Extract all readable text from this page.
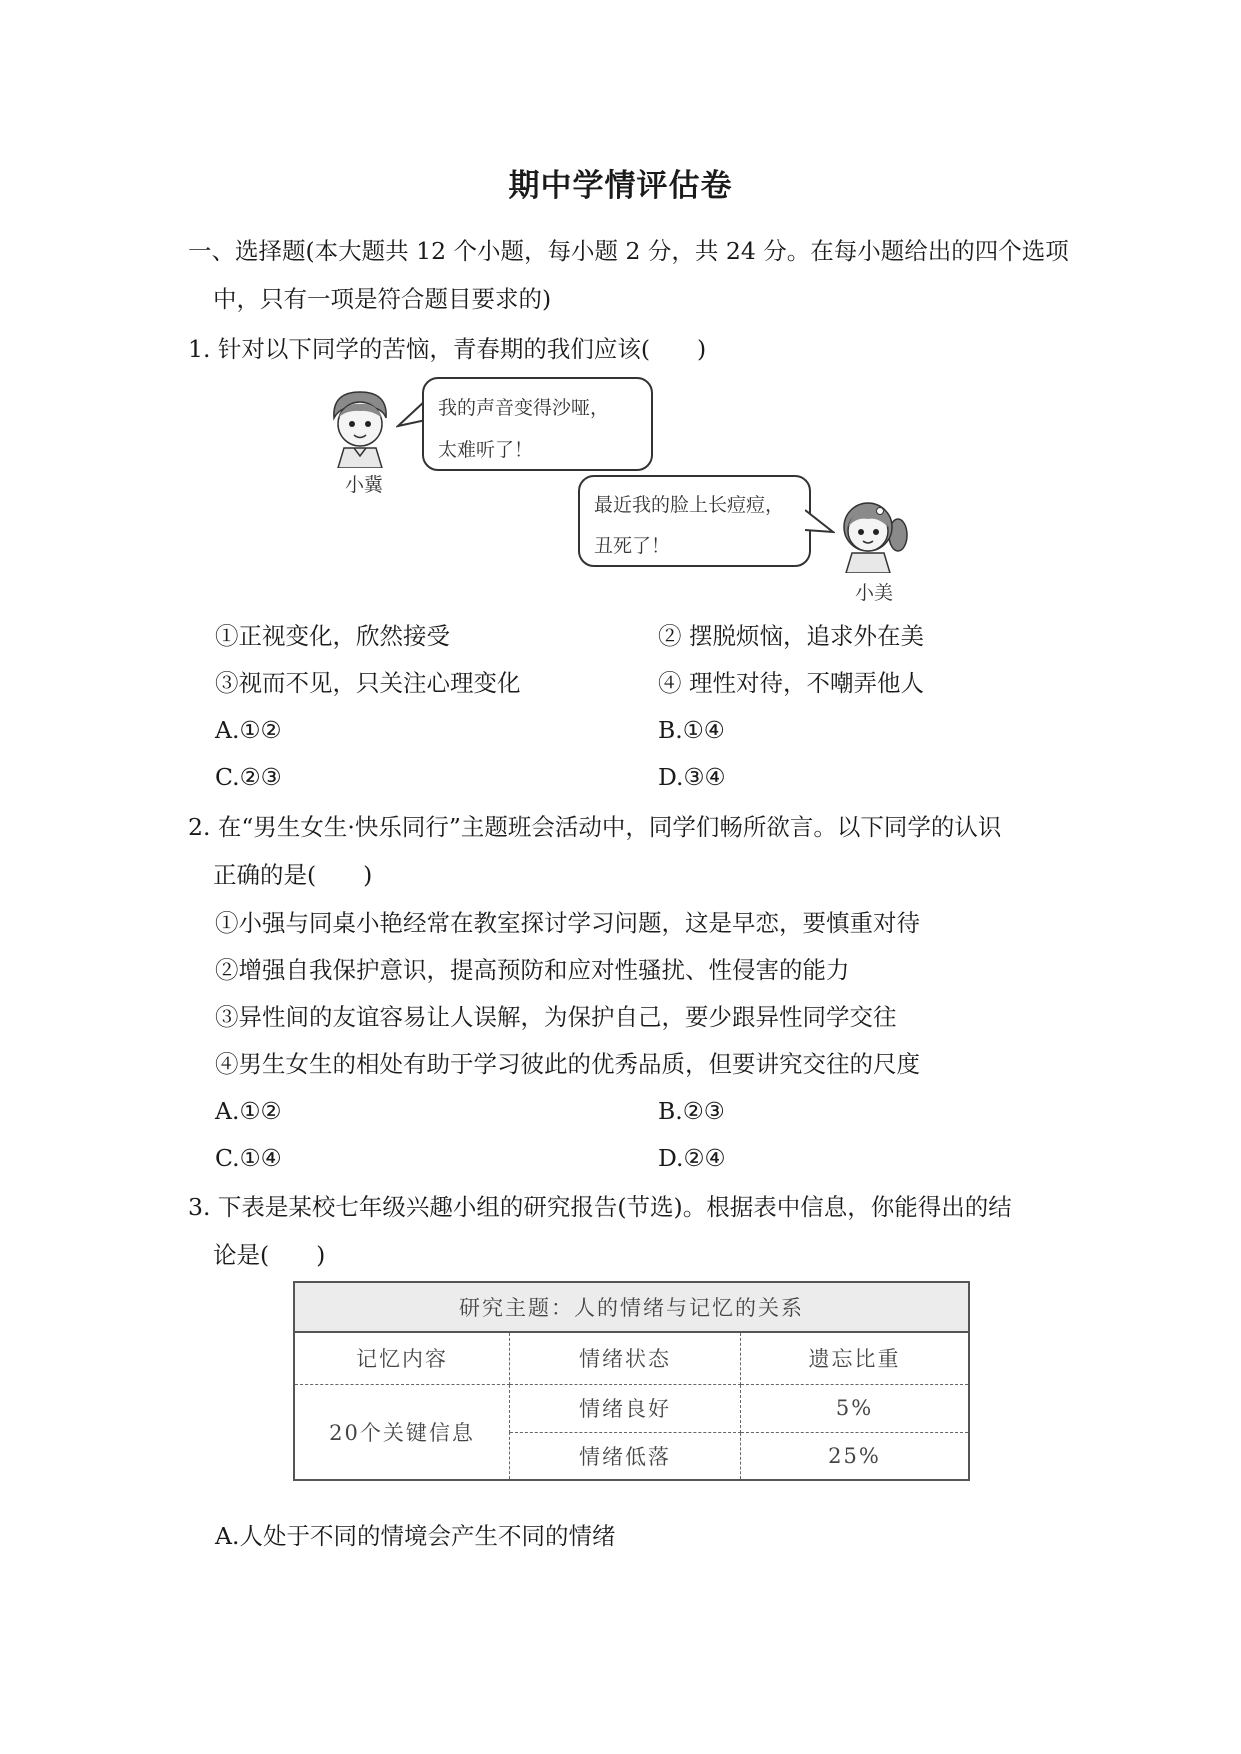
期中学情评估卷
一、选择题(本大题共 12 个小题，每小题 2 分，共 24 分。在每小题给出的四个选项
中，只有一项是符合题目要求的)
1. 针对以下同学的苦恼，青春期的我们应该(　　)
小冀
我的声音变得沙哑，
太难听了！
最近我的脸上长痘痘，
丑死了！
小美
①正视变化，欣然接受	② 摆脱烦恼，追求外在美
③视而不见，只关注心理变化	④ 理性对待，不嘲弄他人
A.①②	B.①④
C.②③	D.③④
2. 在“男生女生·快乐同行”主题班会活动中，同学们畅所欲言。以下同学的认识
正确的是(　　)
①小强与同桌小艳经常在教室探讨学习问题，这是早恋，要慎重对待
②增强自我保护意识，提高预防和应对性骚扰、性侵害的能力
③异性间的友谊容易让人误解，为保护自己，要少跟异性同学交往
④男生女生的相处有助于学习彼此的优秀品质，但要讲究交往的尺度
A.①②	B.②③
C.①④	D.②④
3. 下表是某校七年级兴趣小组的研究报告(节选)。根据表中信息，你能得出的结
论是(　　)
研究主题：人的情绪与记忆的关系		
记忆内容	情绪状态	遗忘比重
20个关键信息	情绪良好	5%
	情绪低落	25%
A.人处于不同的情境会产生不同的情绪
